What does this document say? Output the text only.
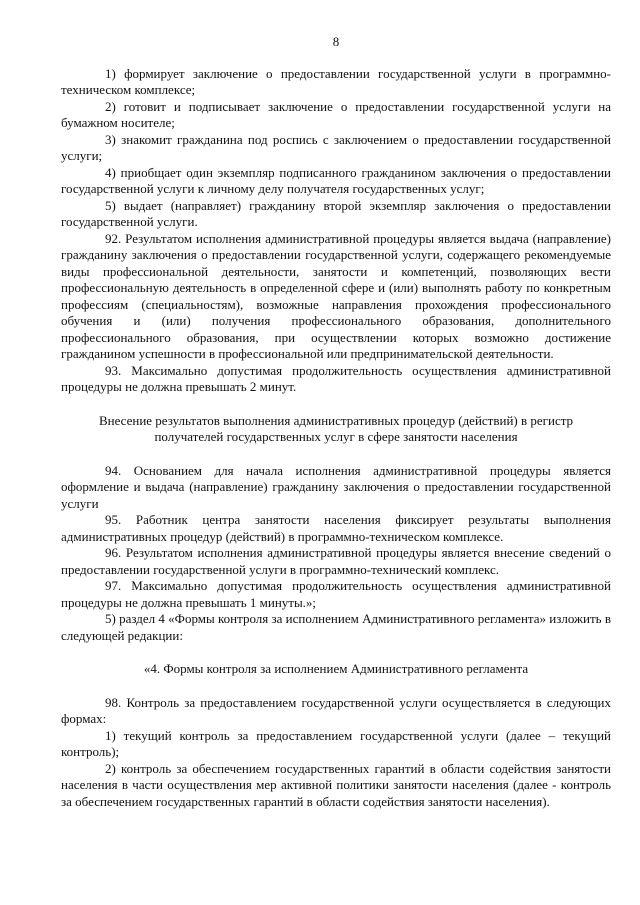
8

1) формирует заключение о предоставлении государственной услуги в программно-техническом комплексе;

2) готовит и подписывает заключение о предоставлении государственной услуги на бумажном носителе;

3) знакомит гражданина под роспись с заключением о предоставлении государственной услуги;

4) приобщает один экземпляр подписанного гражданином заключения о предоставлении государственной услуги к личному делу получателя государственных услуг;

5) выдает (направляет) гражданину второй экземпляр заключения о предоставлении государственной услуги.

92. Результатом исполнения административной процедуры является выдача (направление) гражданину заключения о предоставлении государственной услуги, содержащего рекомендуемые виды профессиональной деятельности, занятости и компетенций, позволяющих вести профессиональную деятельность в определенной сфере и (или) выполнять работу по конкретным профессиям (специальностям), возможные направления прохождения профессионального обучения и (или) получения профессионального образования, дополнительного профессионального образования, при осуществлении которых возможно достижение гражданином успешности в профессиональной или предпринимательской деятельности.

93. Максимально допустимая продолжительность осуществления административной процедуры не должна превышать 2 минут.

Внесение результатов выполнения административных процедур (действий) в регистр получателей государственных услуг в сфере занятости населения

94. Основанием для начала исполнения административной процедуры является оформление и выдача (направление) гражданину заключения о предоставлении государственной услуги

95. Работник центра занятости населения фиксирует результаты выполнения административных процедур (действий) в программно-техническом комплексе.

96. Результатом исполнения административной процедуры является внесение сведений о предоставлении государственной услуги в программно-технический комплекс.

97. Максимально допустимая продолжительность осуществления административной процедуры не должна превышать 1 минуты.»;

5) раздел 4 «Формы контроля за исполнением Административного регламента» изложить в следующей редакции:

«4. Формы контроля за исполнением Административного регламента

98. Контроль за предоставлением государственной услуги осуществляется в следующих формах:

1) текущий контроль за предоставлением государственной услуги (далее – текущий контроль);

2) контроль за обеспечением государственных гарантий в области содействия занятости населения в части осуществления мер активной политики занятости населения (далее - контроль за обеспечением государственных гарантий в области содействия занятости населения).
